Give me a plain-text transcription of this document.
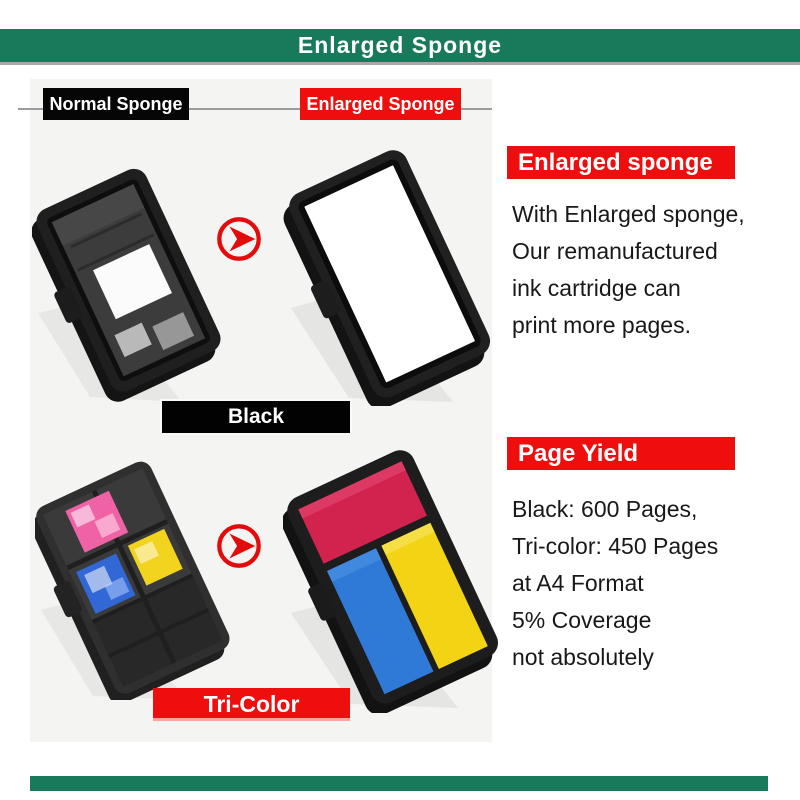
Enlarged Sponge
Normal Sponge	Enlarged Sponge
Black
Tri-Color
Enlarged sponge
With Enlarged sponge,
Our remanufactured
ink cartridge can
print more pages.
Page Yield
Black: 600 Pages,
Tri-color: 450 Pages
at A4 Format
5% Coverage
not absolutely
